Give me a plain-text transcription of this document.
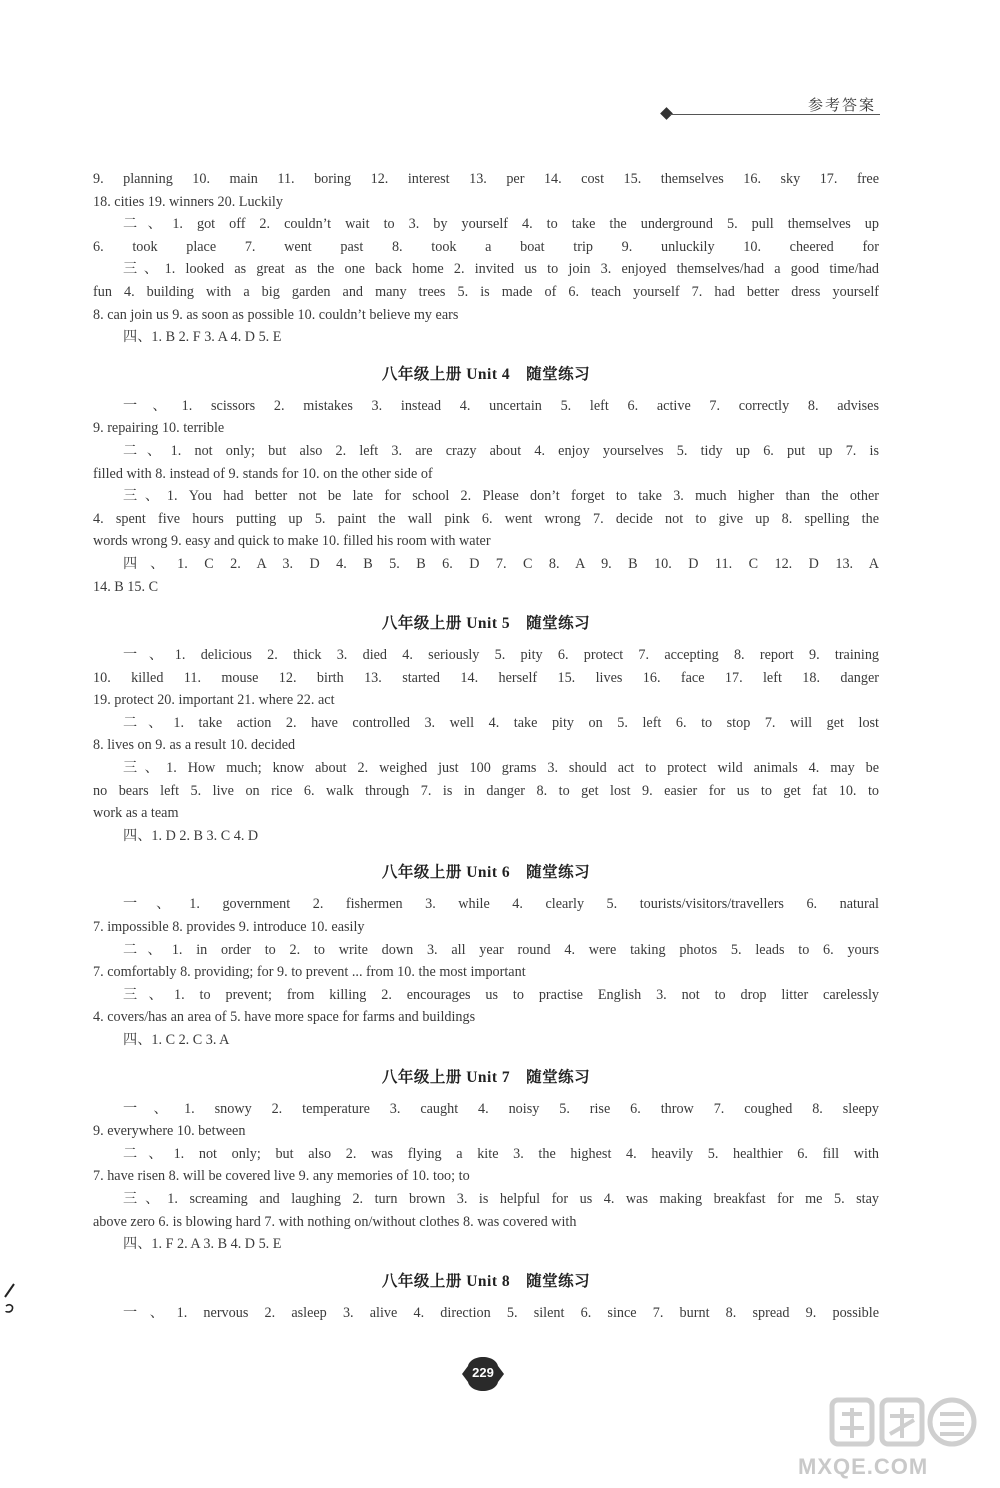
参考答案
9. planning 10. main 11. boring 12. interest 13. per 14. cost 15. themselves 16. sky 17. free
18. cities 19. winners 20. Luckily
二、1. got off 2. couldn’t wait to 3. by yourself 4. to take the underground 5. pull themselves up
6. took place 7. went past 8. took a boat trip 9. unluckily 10. cheered for
三、1. looked as great as the one back home 2. invited us to join 3. enjoyed themselves/had a good time/had
fun 4. building with a big garden and many trees 5. is made of 6. teach yourself 7. had better dress yourself
8. can join us 9. as soon as possible 10. couldn’t believe my ears
四、1. B 2. F 3. A 4. D 5. E
八年级上册 Unit 4　随堂练习
一、1. scissors 2. mistakes 3. instead 4. uncertain 5. left 6. active 7. correctly 8. advises
9. repairing 10. terrible
二、1. not only; but also 2. left 3. are crazy about 4. enjoy yourselves 5. tidy up 6. put up 7. is
filled with 8. instead of 9. stands for 10. on the other side of
三、1. You had better not be late for school 2. Please don’t forget to take 3. much higher than the other
4. spent five hours putting up 5. paint the wall pink 6. went wrong 7. decide not to give up 8. spelling the
words wrong 9. easy and quick to make 10. filled his room with water
四、1. C 2. A 3. D 4. B 5. B 6. D 7. C 8. A 9. B 10. D 11. C 12. D 13. A
14. B 15. C
八年级上册 Unit 5　随堂练习
一、1. delicious 2. thick 3. died 4. seriously 5. pity 6. protect 7. accepting 8. report 9. training
10. killed 11. mouse 12. birth 13. started 14. herself 15. lives 16. face 17. left 18. danger
19. protect 20. important 21. where 22. act
二、1. take action 2. have controlled 3. well 4. take pity on 5. left 6. to stop 7. will get lost
8. lives on 9. as a result 10. decided
三、1. How much; know about 2. weighed just 100 grams 3. should act to protect wild animals 4. may be
no bears left 5. live on rice 6. walk through 7. is in danger 8. to get lost 9. easier for us to get fat 10. to
work as a team
四、1. D 2. B 3. C 4. D
八年级上册 Unit 6　随堂练习
一、1. government 2. fishermen 3. while 4. clearly 5. tourists/visitors/travellers 6. natural
7. impossible 8. provides 9. introduce 10. easily
二、1. in order to 2. to write down 3. all year round 4. were taking photos 5. leads to 6. yours
7. comfortably 8. providing; for 9. to prevent ... from 10. the most important
三、1. to prevent; from killing 2. encourages us to practise English 3. not to drop litter carelessly
4. covers/has an area of 5. have more space for farms and buildings
四、1. C 2. C 3. A
八年级上册 Unit 7　随堂练习
一、1. snowy 2. temperature 3. caught 4. noisy 5. rise 6. throw 7. coughed 8. sleepy
9. everywhere 10. between
二、1. not only; but also 2. was flying a kite 3. the highest 4. heavily 5. healthier 6. fill with
7. have risen 8. will be covered live 9. any memories of 10. too; to
三、1. screaming and laughing 2. turn brown 3. is helpful for us 4. was making breakfast for me 5. stay
above zero 6. is blowing hard 7. with nothing on/without clothes 8. was covered with
四、1. F 2. A 3. B 4. D 5. E
八年级上册 Unit 8　随堂练习
一、1. nervous 2. asleep 3. alive 4. direction 5. silent 6. since 7. burnt 8. spread 9. possible
229
MXQE.COM
